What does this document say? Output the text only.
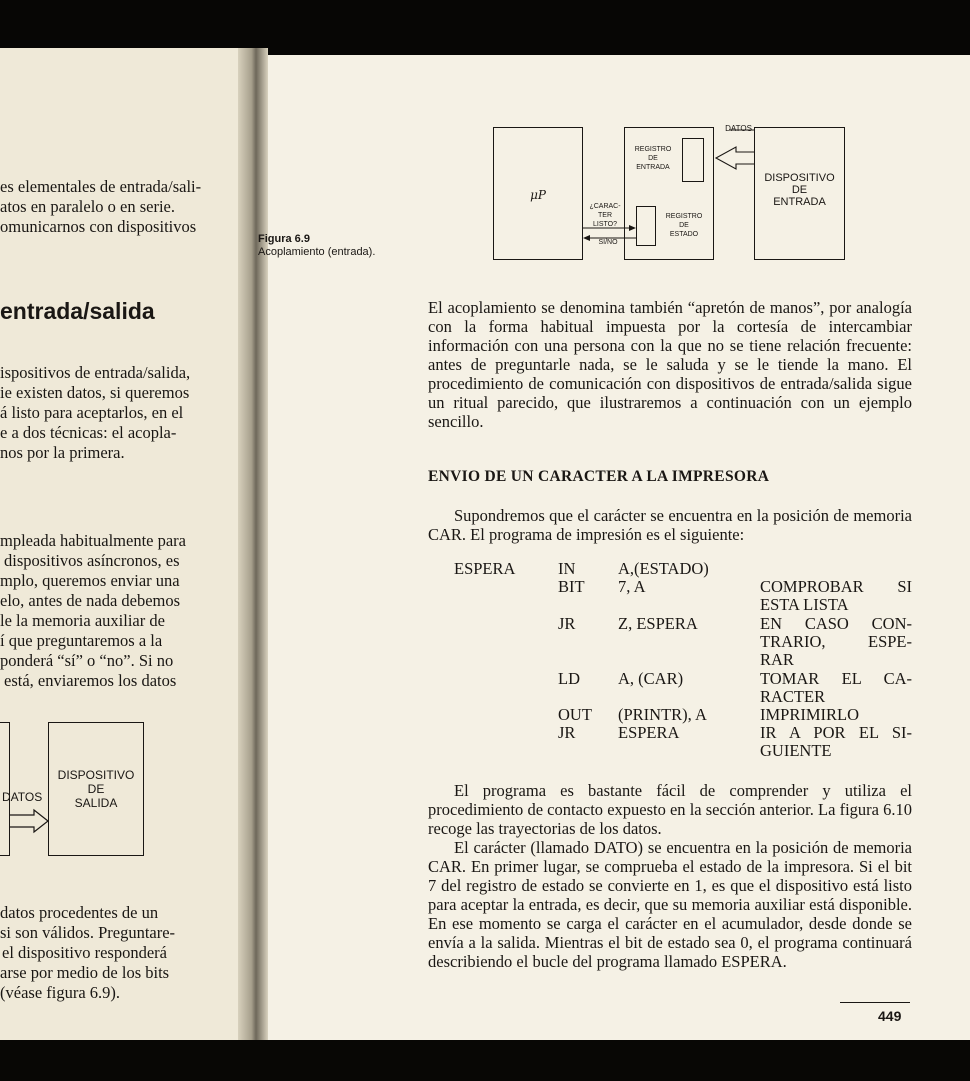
es elementales de entrada/sali-
atos en paralelo o en serie.
omunicarnos con dispositivos
entrada/salida
ispositivos de entrada/salida,
ie existen datos, si queremos
á listo para aceptarlos, en el
e a dos técnicas: el acopla-
nos por la primera.
mpleada habitualmente para
dispositivos asíncronos, es
mplo, queremos enviar una
elo, antes de nada debemos
le la memoria auxiliar de
í que preguntaremos a la
ponderá “sí” o “no”. Si no
está, enviaremos los datos
DISPOSITIVO
DE
SALIDA
DATOS
datos procedentes de un
si son válidos. Preguntare-
el dispositivo responderá
arse por medio de los bits
(véase figura 6.9).
Figura 6.9
Acoplamiento (entrada).
μP
REGISTRO
DE
ENTRADA
REGISTRO
DE
ESTADO
¿CARAC-
TER
LISTO?
SI/NO
DATOS
DISPOSITIVO
DE
ENTRADA
El acoplamiento se denomina también “apretón de manos”, por analogía con la forma habitual impuesta por la cortesía de intercambiar información con una persona con la que no se tiene relación frecuente: antes de preguntarle nada, se le saluda y se le tiende la mano. El procedimiento de comunicación con dispositivos de entrada/salida sigue un ritual parecido, que ilustraremos a continuación con un ejemplo sencillo.
ENVIO DE UN CARACTER A LA IMPRESORA
Supondremos que el carácter se encuentra en la posición de memoria CAR. El programa de impresión es el siguiente:
ESPERA	IN	A,(ESTADO)
BIT 7, A	COMPROBAR SI
ESTA LISTA
JR	Z, ESPERA	EN CASO CON-
TRARIO, ESPE-
RAR
LD A, (CAR)	TOMAR EL CA-
RACTER
OUT (PRINTR), A	IMPRIMIRLO
JR	ESPERA	IR A POR EL SI-
GUIENTE
El programa es bastante fácil de comprender y utiliza el procedimiento de contacto expuesto en la sección anterior. La figura 6.10 recoge las trayectorias de los datos.
El carácter (llamado DATO) se encuentra en la posición de memoria CAR. En primer lugar, se comprueba el estado de la impresora. Si el bit 7 del registro de estado se convierte en 1, es que el dispositivo está listo para aceptar la entrada, es decir, que su memoria auxiliar está disponible. En ese momento se carga el carácter en el acumulador, desde donde se envía a la salida. Mientras el bit de estado sea 0, el programa continuará describiendo el bucle del programa llamado ESPERA.
449
